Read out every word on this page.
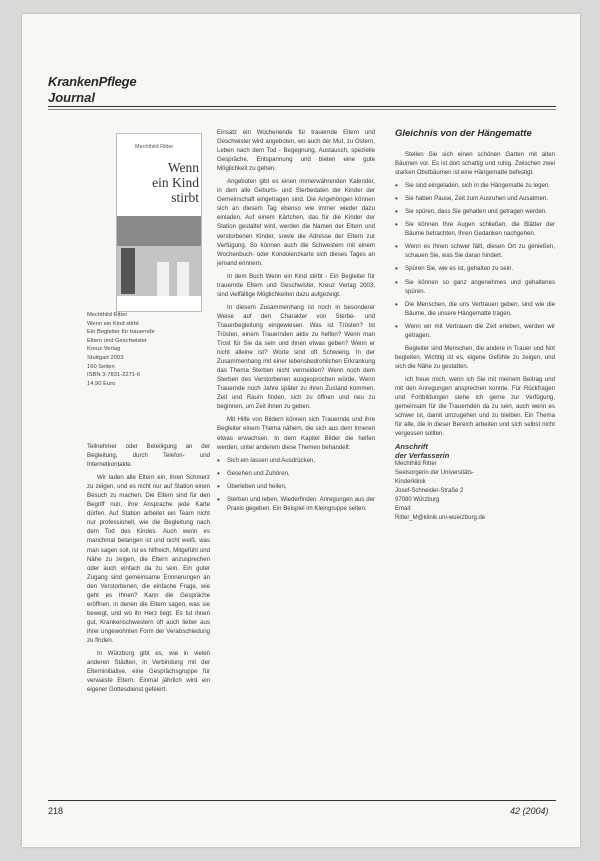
KrankenPflege
Journal
Mechthild Ritter
Wenn
ein Kind
stirbt
Mechthild Ritter
Wenn ein Kind stirbt
Ein Begleiter für trauernde
Eltern und Geschwister
Kreuz Verlag
Stuttgart 2003
160 Seiten
ISBN 3-7831-2271-6
14,90 Euro

Teilnehmer oder Beteiligung an der Begleitung, durch Telefon- und Internetkontakte.

Wir laden alle Eltern ein, ihren Schmerz zu zeigen, und es nicht nur auf Station einen Besuch zu machen. Die Eltern sind für den Begriff nun, ihre Ansprache jede Karte dürfen. Auf Station arbeitet ein Team nicht nur professionell, wie die Begleitung nach dem Tod des Kindes. Auch wenn es manchmal belangen ist und nicht weiß, was man sagen soll, ist es hilfreich, Mitgefühl und Nähe zu zeigen, die Eltern anzusprechen oder auch einfach da zu sein. Ein guter Zugang sind gemeinsame Erinnerungen an den Verstorbenen, die einfache Frage, wie geht es Ihnen? Kann die Gespräche eröffnen, in denen die Eltern sagen, was sie bewegt, und wo ihr Herz liegt. Es tut ihnen gut, Krankenschwestern oft auch lieber aus ihrer ungewohnten Form der Verabschiedung zu finden.

In Würzburg gibt es, wie in vielen anderen Städten, in Verbindung mit der Elterninitiative, eine Gesprächsgruppe für verwaiste Eltern. Einmal jährlich wird ein eigener Gottesdienst gefeiert.

Einsatz ein Wochenende für trauernde Eltern und Geschwister wird angeboten, wo auch der Mut, zu Ostern, Leben nach dem Tod - Begegnung, Austausch, spezielle Gespräche, Entspannung und bieten eine gute Möglichkeit zu gehen.

Angeboten gibt es einen immerwährenden Kalender, in dem alle Geburts- und Sterbedaten der Kinder der Gemeinschaft eingetragen sind. Die Angehörigen können sich an diesem Tag ebenso wie immer wieder dazu einladen. Auf einem Kärtchen, das für die Kinder der Station gestaltet wird, werden die Namen der Eltern und verstorbenen Kinder, sowie die Adresse der Eltern zur Verfügung. So können auch die Schwestern mit einem Wochenbuch- oder Kondolenzkarte sich dieses Tages an jemand erinnern.

In dem Buch Wenn ein Kind stirbt - Ein Begleiter für trauernde Eltern und Geschwister, Kreuz Verlag 2003, sind vielfältige Möglichkeiten dazu aufgezeigt.

In diesem Zusammenhang ist noch in besonderer Weise auf den Charakter von Sterbe- und Trauerbegleitung eingewiesen. Was ist Trösten? Ist Trösten, einem Trauernden aktiv zu helfen? Wenn man Trost für Sie da sein und ihnen etwas geben? Wenn er nicht alleine ist? Worte sind oft Schwierig. In der Zusammenhang mit einer lebensbedrohlichen Erkrankung das Thema Sterben nicht vermeiden? Wenn noch dem Sterben des Verstorbenen ausgesprochen würde, Wenn Trauernde noch Jahre später zu ihren Zustand kommen, Zeit und Raum finden, sich zu öffnen und neu zu beginnen, um Zeit ihnen zu geben.

Mit Hilfe von Bildern können sich Trauernde und ihre Begleiter einem Thema nähern, die sich aus dem Inneren etwas erwachsen. In dem Kapitel Bilder die helfen werden, unter anderem diese Themen behandelt:

• Sich ein lassen und Ausdrücken,

• Gesehen und Zuhören,

• Überleben und heilen,

• Sterben und leben, Wiederfinden. Anregungen aus der Praxis gegeben. Ein Beispiel im Kleingruppe seiten:

Gleichnis von der Hängematte

Stellen Sie sich einen schönen Garten mit alten Bäumen vor. Es ist dort schattig und ruhig. Zwischen zwei starken Obstbäumen ist eine Hängematte befestigt.

• Sie sind eingeladen, sich in die Hängematte zu legen.

• Sie haben Pause, Zeit zum Ausruhen und Ausatmen.

• Sie spüren, dass Sie gehalten und getragen werden.

• Sie können Ihre Augen schließen, die Blätter der Bäume betrachten, Ihren Gedanken nachgehen.

• Wenn es Ihnen schwer fällt, diesen Ort zu genießen, schauen Sie, was Sie daran hindert.

• Spüren Sie, wie es ist, gehalten zu sein.

• Sie können so ganz angenehmes und gehaltenes spüren.

• Die Menschen, die uns Vertrauen geben, sind wie die Bäume, die unsere Hängematte tragen.

• Wenn wir mit Vertrauen die Zeit erleben, werden wir getragen.

Begleiter sind Menschen, die andere in Trauer und Not begleiten. Wichtig ist es, eigene Gefühle zu zeigen, und sich die Nähe zu gestatten.

Ich freue mich, wenn ich Sie mit meinem Beitrag und mit den Anregungen ansprechen konnte. Für Rückfragen und Fortbildungen stehe ich gerne zur Verfügung, gemeinsam für die Trauernden da zu sein, auch wenn es schwer ist, damit umzugehen und zu bleiben. Ein Thema für alle, die in dieser Bereich arbeiten und sich selbst nicht vergessen sollten.

Anschrift
der Verfasserin
Mechthild Ritter
Seelsorgerin der Universitäts-
Kinderklinik
Josef-Schneider-Straße 2
97080 Würzburg
Email:
Ritter_M@klinik.uni-wuerzburg.de
218	42 (2004)
